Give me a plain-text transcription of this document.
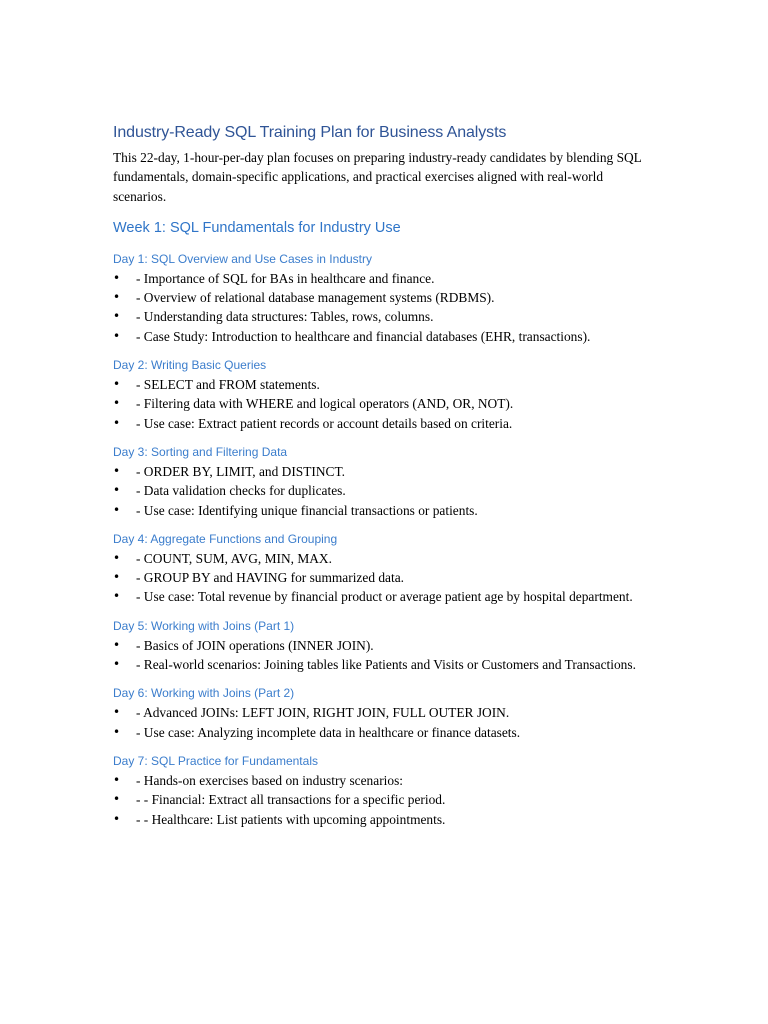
Industry-Ready SQL Training Plan for Business Analysts

This 22-day, 1-hour-per-day plan focuses on preparing industry-ready candidates by blending SQL fundamentals, domain-specific applications, and practical exercises aligned with real-world scenarios.

Week 1: SQL Fundamentals for Industry Use
Day 1: SQL Overview and Use Cases in Industry
• - Importance of SQL for BAs in healthcare and finance.
• - Overview of relational database management systems (RDBMS).
• - Understanding data structures: Tables, rows, columns.
• - Case Study: Introduction to healthcare and financial databases (EHR, transactions).
Day 2: Writing Basic Queries
• - SELECT and FROM statements.
• - Filtering data with WHERE and logical operators (AND, OR, NOT).
• - Use case: Extract patient records or account details based on criteria.
Day 3: Sorting and Filtering Data
• - ORDER BY, LIMIT, and DISTINCT.
• - Data validation checks for duplicates.
• - Use case: Identifying unique financial transactions or patients.
Day 4: Aggregate Functions and Grouping
• - COUNT, SUM, AVG, MIN, MAX.
• - GROUP BY and HAVING for summarized data.
• - Use case: Total revenue by financial product or average patient age by hospital department.
Day 5: Working with Joins (Part 1)
• - Basics of JOIN operations (INNER JOIN).
• - Real-world scenarios: Joining tables like Patients and Visits or Customers and Transactions.
Day 6: Working with Joins (Part 2)
• - Advanced JOINs: LEFT JOIN, RIGHT JOIN, FULL OUTER JOIN.
• - Use case: Analyzing incomplete data in healthcare or finance datasets.
Day 7: SQL Practice for Fundamentals
• - Hands-on exercises based on industry scenarios:
• - - Financial: Extract all transactions for a specific period.
• - - Healthcare: List patients with upcoming appointments.
